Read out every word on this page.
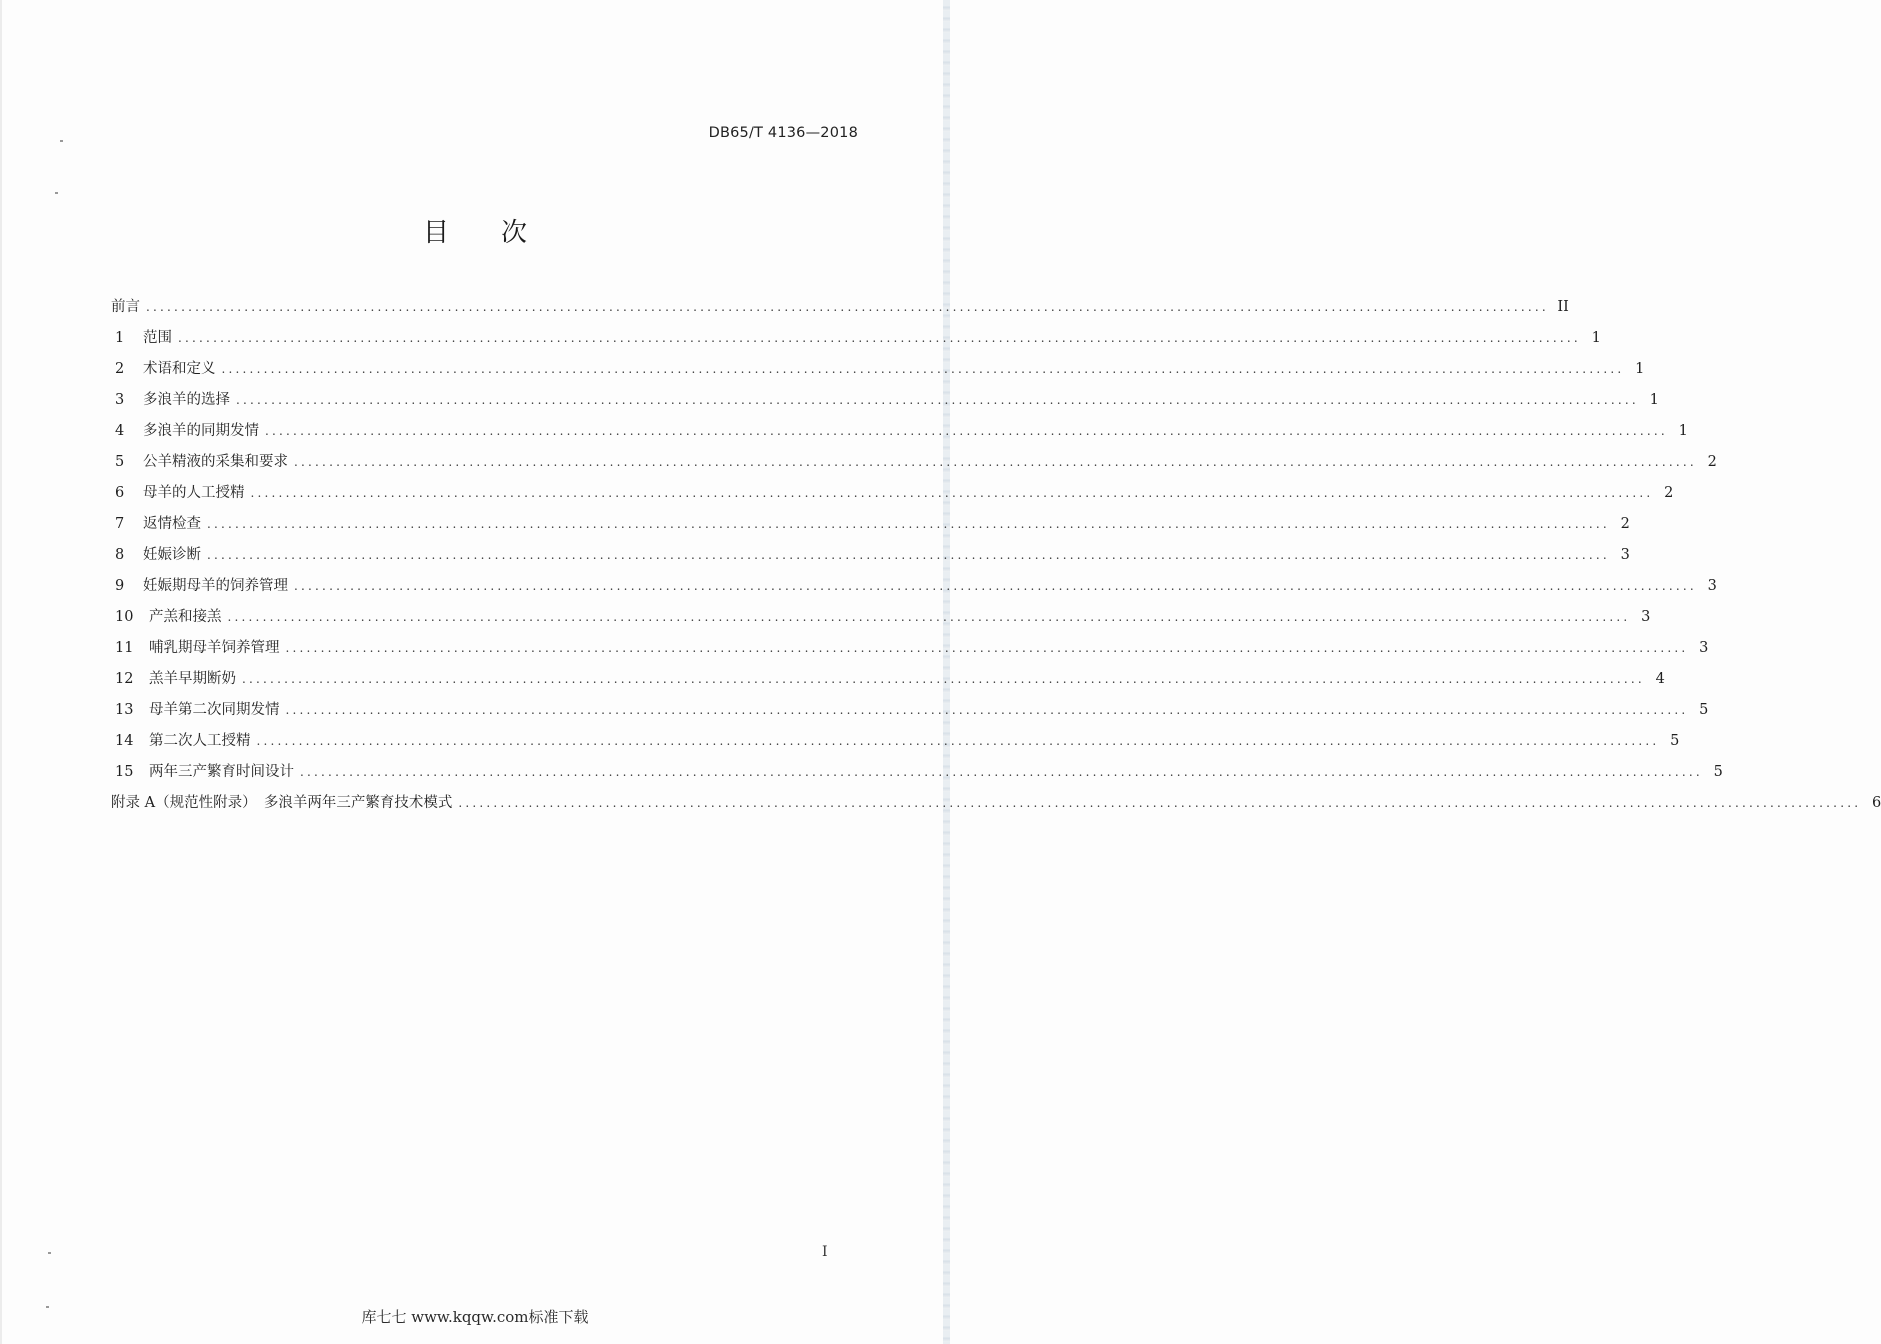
DB65/T 4136—2018
目 次
前言 ........................................................................................................................................................................................................ II
1	范围 ........................................................................................................................................................................................................ 1
2	术语和定义 ........................................................................................................................................................................................................ 1
3	多浪羊的选择 ........................................................................................................................................................................................................ 1
4	多浪羊的同期发情 ........................................................................................................................................................................................................ 1
5	公羊精液的采集和要求 ........................................................................................................................................................................................................ 2
6	母羊的人工授精 ........................................................................................................................................................................................................ 2
7	返情检查 ........................................................................................................................................................................................................ 2
8	妊娠诊断 ........................................................................................................................................................................................................ 3
9	妊娠期母羊的饲养管理 ........................................................................................................................................................................................................ 3
10	产羔和接羔 ........................................................................................................................................................................................................ 3
11	哺乳期母羊饲养管理 ........................................................................................................................................................................................................ 3
12	羔羊早期断奶 ........................................................................................................................................................................................................ 4
13	母羊第二次同期发情 ........................................................................................................................................................................................................ 5
14	第二次人工授精 ........................................................................................................................................................................................................ 5
15	两年三产繁育时间设计 ........................................................................................................................................................................................................ 5
附录 A（规范性附录）　多浪羊两年三产繁育技术模式 ........................................................................................................................................................................................................ 6
I
库七七 www.kqqw.com标准下载
